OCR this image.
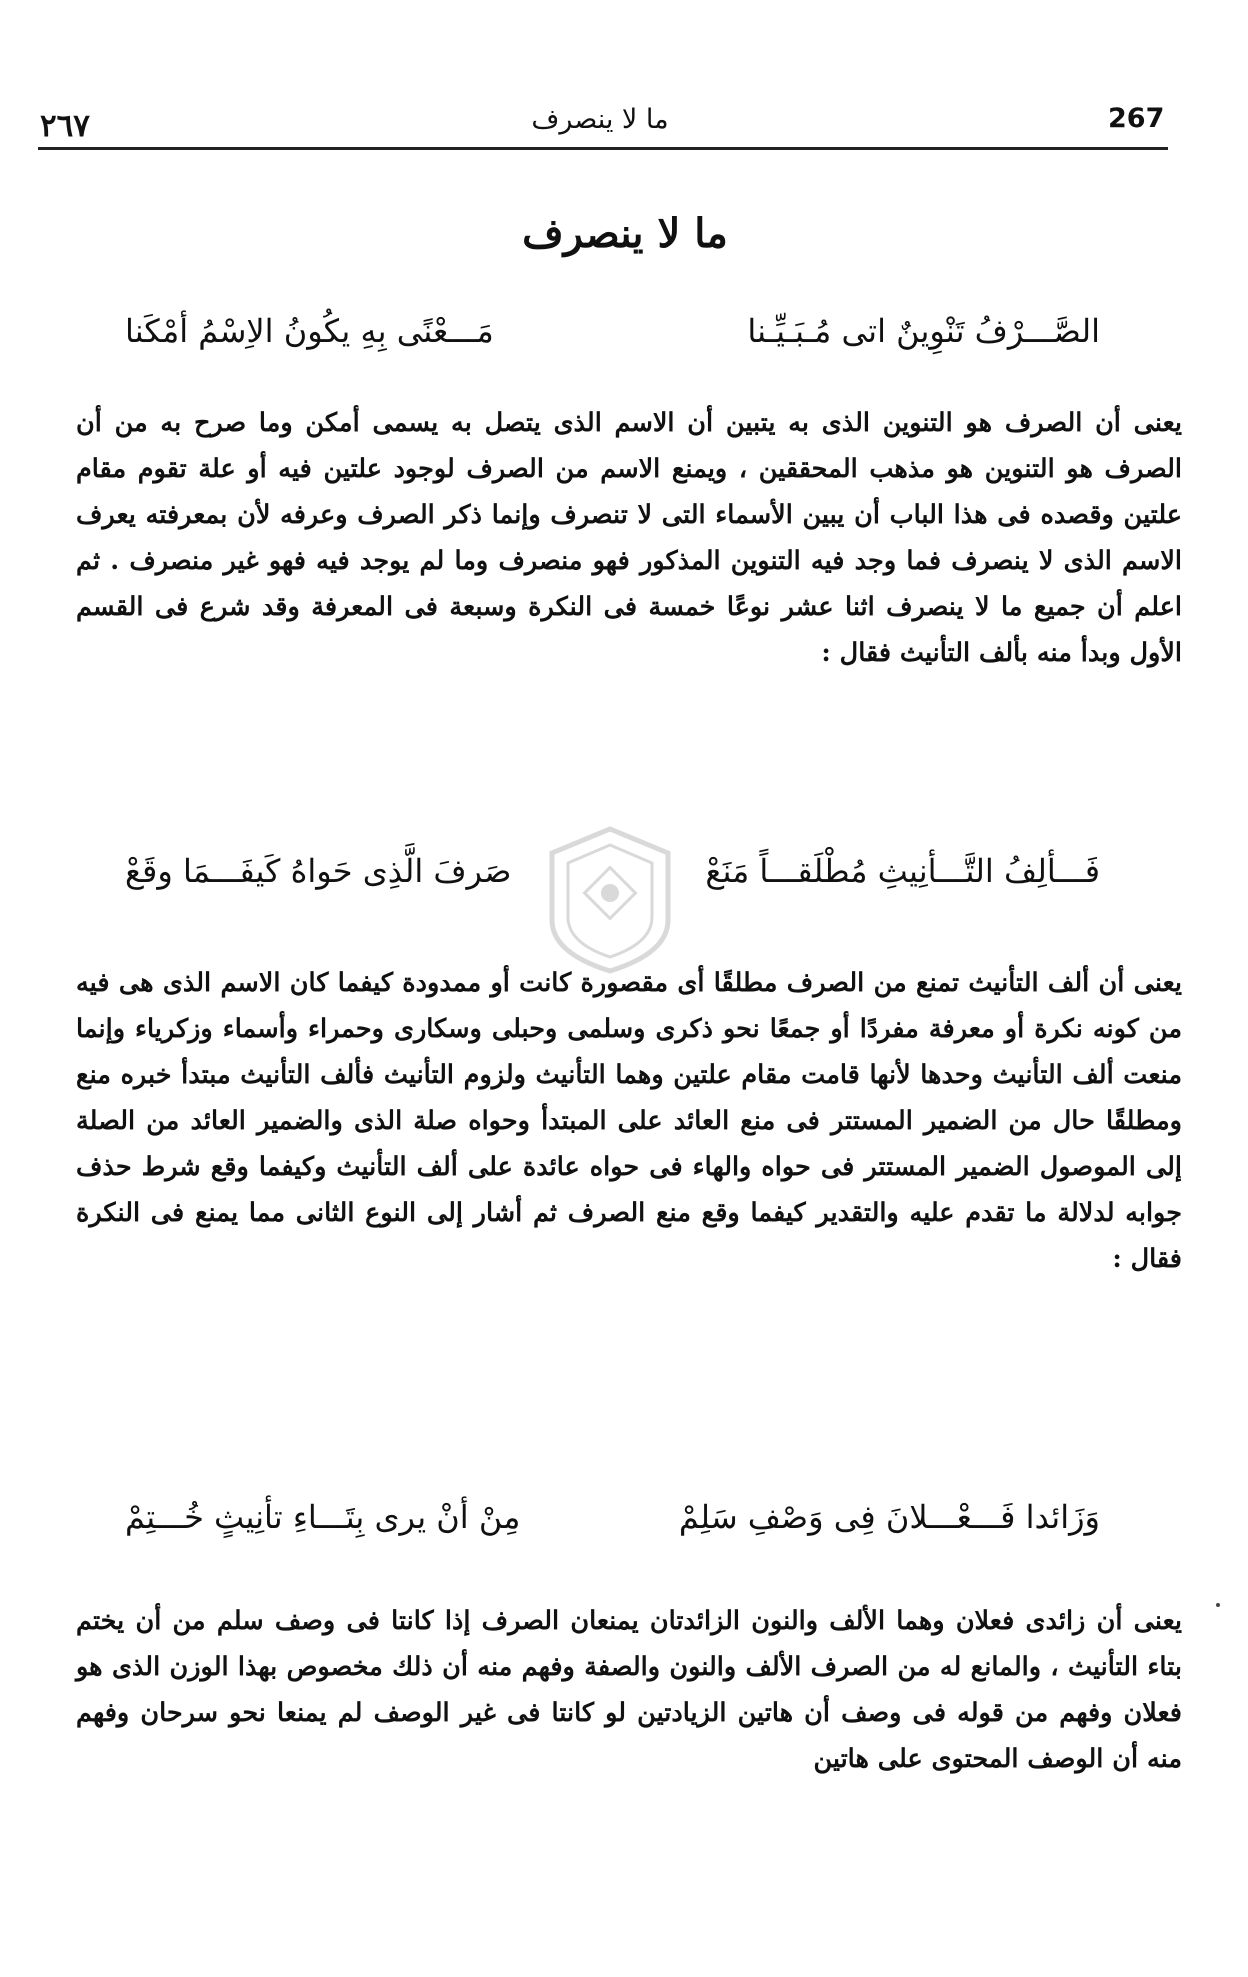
267
ما لا ينصرف
٢٦٧
ما لا ينصرف
الصَّـــرْفُ تَنْوِينٌ اتى مُـبَـيِّـنا
مَـــعْنًى بِهِ يكُونُ الاِسْمُ أمْكَنا

يعنى أن الصرف هو التنوين الذى به يتبين أن الاسم الذى يتصل به يسمى أمكن وما صرح به من أن الصرف هو التنوين هو مذهب المحققين ، ويمنع الاسم من الصرف لوجود علتين فيه أو علة تقوم مقام علتين وقصده فى هذا الباب أن يبين الأسماء التى لا تنصرف وإنما ذكر الصرف وعرفه لأن بمعرفته يعرف الاسم الذى لا ينصرف فما وجد فيه التنوين المذكور فهو منصرف وما لم يوجد فيه فهو غير منصرف . ثم اعلم أن جميع ما لا ينصرف اثنا عشر نوعًا خمسة فى النكرة وسبعة فى المعرفة وقد شرع فى القسم الأول وبدأ منه بألف التأنيث فقال :

فَـــألِفُ التَّـــأنِيثِ مُطْلَقـــاً مَنَعْ
صَرفَ الَّذِى حَواهُ كَيفَـــمَا وقَعْ

يعنى أن ألف التأنيث تمنع من الصرف مطلقًا أى مقصورة كانت أو ممدودة كيفما كان الاسم الذى هى فيه من كونه نكرة أو معرفة مفردًا أو جمعًا نحو ذكرى وسلمى وحبلى وسكارى وحمراء وأسماء وزكرياء وإنما منعت ألف التأنيث وحدها لأنها قامت مقام علتين وهما التأنيث ولزوم التأنيث فألف التأنيث مبتدأ خبره منع ومطلقًا حال من الضمير المستتر فى منع العائد على المبتدأ وحواه صلة الذى والضمير العائد من الصلة إلى الموصول الضمير المستتر فى حواه والهاء فى حواه عائدة على ألف التأنيث وكيفما وقع شرط حذف جوابه لدلالة ما تقدم عليه والتقدير كيفما وقع منع الصرف ثم أشار إلى النوع الثانى مما يمنع فى النكرة فقال :

وَزَائدا فَـــعْـــلانَ فِى وَصْفِ سَلِمْ
مِنْ أنْ يرى بِتَـــاءِ تأنِيثٍ خُـــتِمْ

يعنى أن زائدى فعلان وهما الألف والنون الزائدتان يمنعان الصرف إذا كانتا فى وصف سلم من أن يختم بتاء التأنيث ، والمانع له من الصرف الألف والنون والصفة وفهم منه أن ذلك مخصوص بهذا الوزن الذى هو فعلان وفهم من قوله فى وصف أن هاتين الزيادتين لو كانتا فى غير الوصف لم يمنعا نحو سرحان وفهم منه أن الوصف المحتوى على هاتين
